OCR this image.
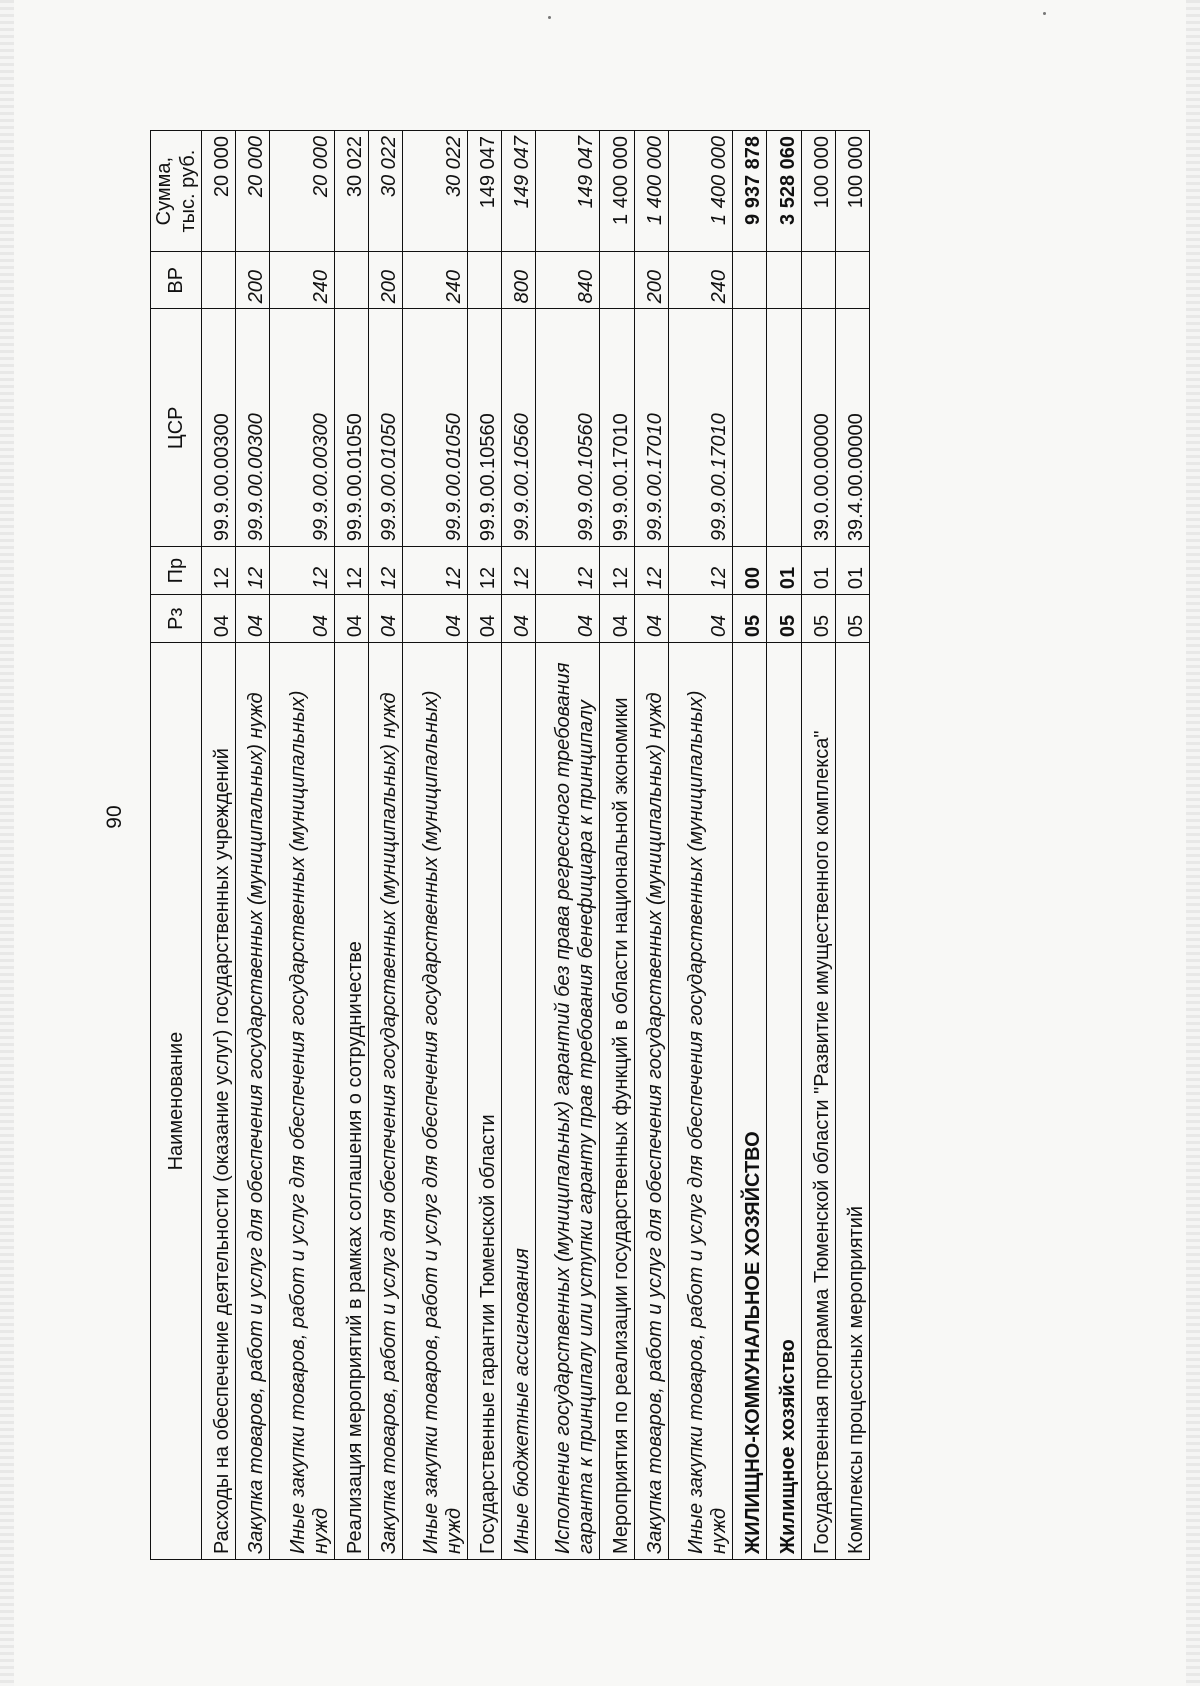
90
Наименование	Рз	Пр	ЦСР	ВР	Сумма, тыс. руб.
Расходы на обеспечение деятельности (оказание услуг) государственных учреждений	04	12	99.9.00.00300		20 000
Закупка товаров, работ и услуг для обеспечения государственных (муниципальных) нужд	04	12	99.9.00.00300	200	20 000
Иные закупки товаров, работ и услуг для обеспечения государственных (муниципальных) нужд	04	12	99.9.00.00300	240	20 000
Реализация мероприятий в рамках соглашения о сотрудничестве	04	12	99.9.00.01050		30 022
Закупка товаров, работ и услуг для обеспечения государственных (муниципальных) нужд	04	12	99.9.00.01050	200	30 022
Иные закупки товаров, работ и услуг для обеспечения государственных (муниципальных) нужд	04	12	99.9.00.01050	240	30 022
Государственные гарантии Тюменской области	04	12	99.9.00.10560		149 047
Иные бюджетные ассигнования	04	12	99.9.00.10560	800	149 047
Исполнение государственных (муниципальных) гарантий без права регрессного требования гаранта к принципалу или уступки гаранту прав требования бенефициара к принципалу	04	12	99.9.00.10560	840	149 047
Мероприятия по реализации государственных функций в области национальной экономики	04	12	99.9.00.17010		1 400 000
Закупка товаров, работ и услуг для обеспечения государственных (муниципальных) нужд	04	12	99.9.00.17010	200	1 400 000
Иные закупки товаров, работ и услуг для обеспечения государственных (муниципальных) нужд	04	12	99.9.00.17010	240	1 400 000
ЖИЛИЩНО-КОММУНАЛЬНОЕ ХОЗЯЙСТВО	05	00			9 937 878
Жилищное хозяйство	05	01			3 528 060
Государственная программа Тюменской области "Развитие имущественного комплекса"	05	01	39.0.00.00000		100 000
Комплексы процессных мероприятий	05	01	39.4.00.00000		100 000
